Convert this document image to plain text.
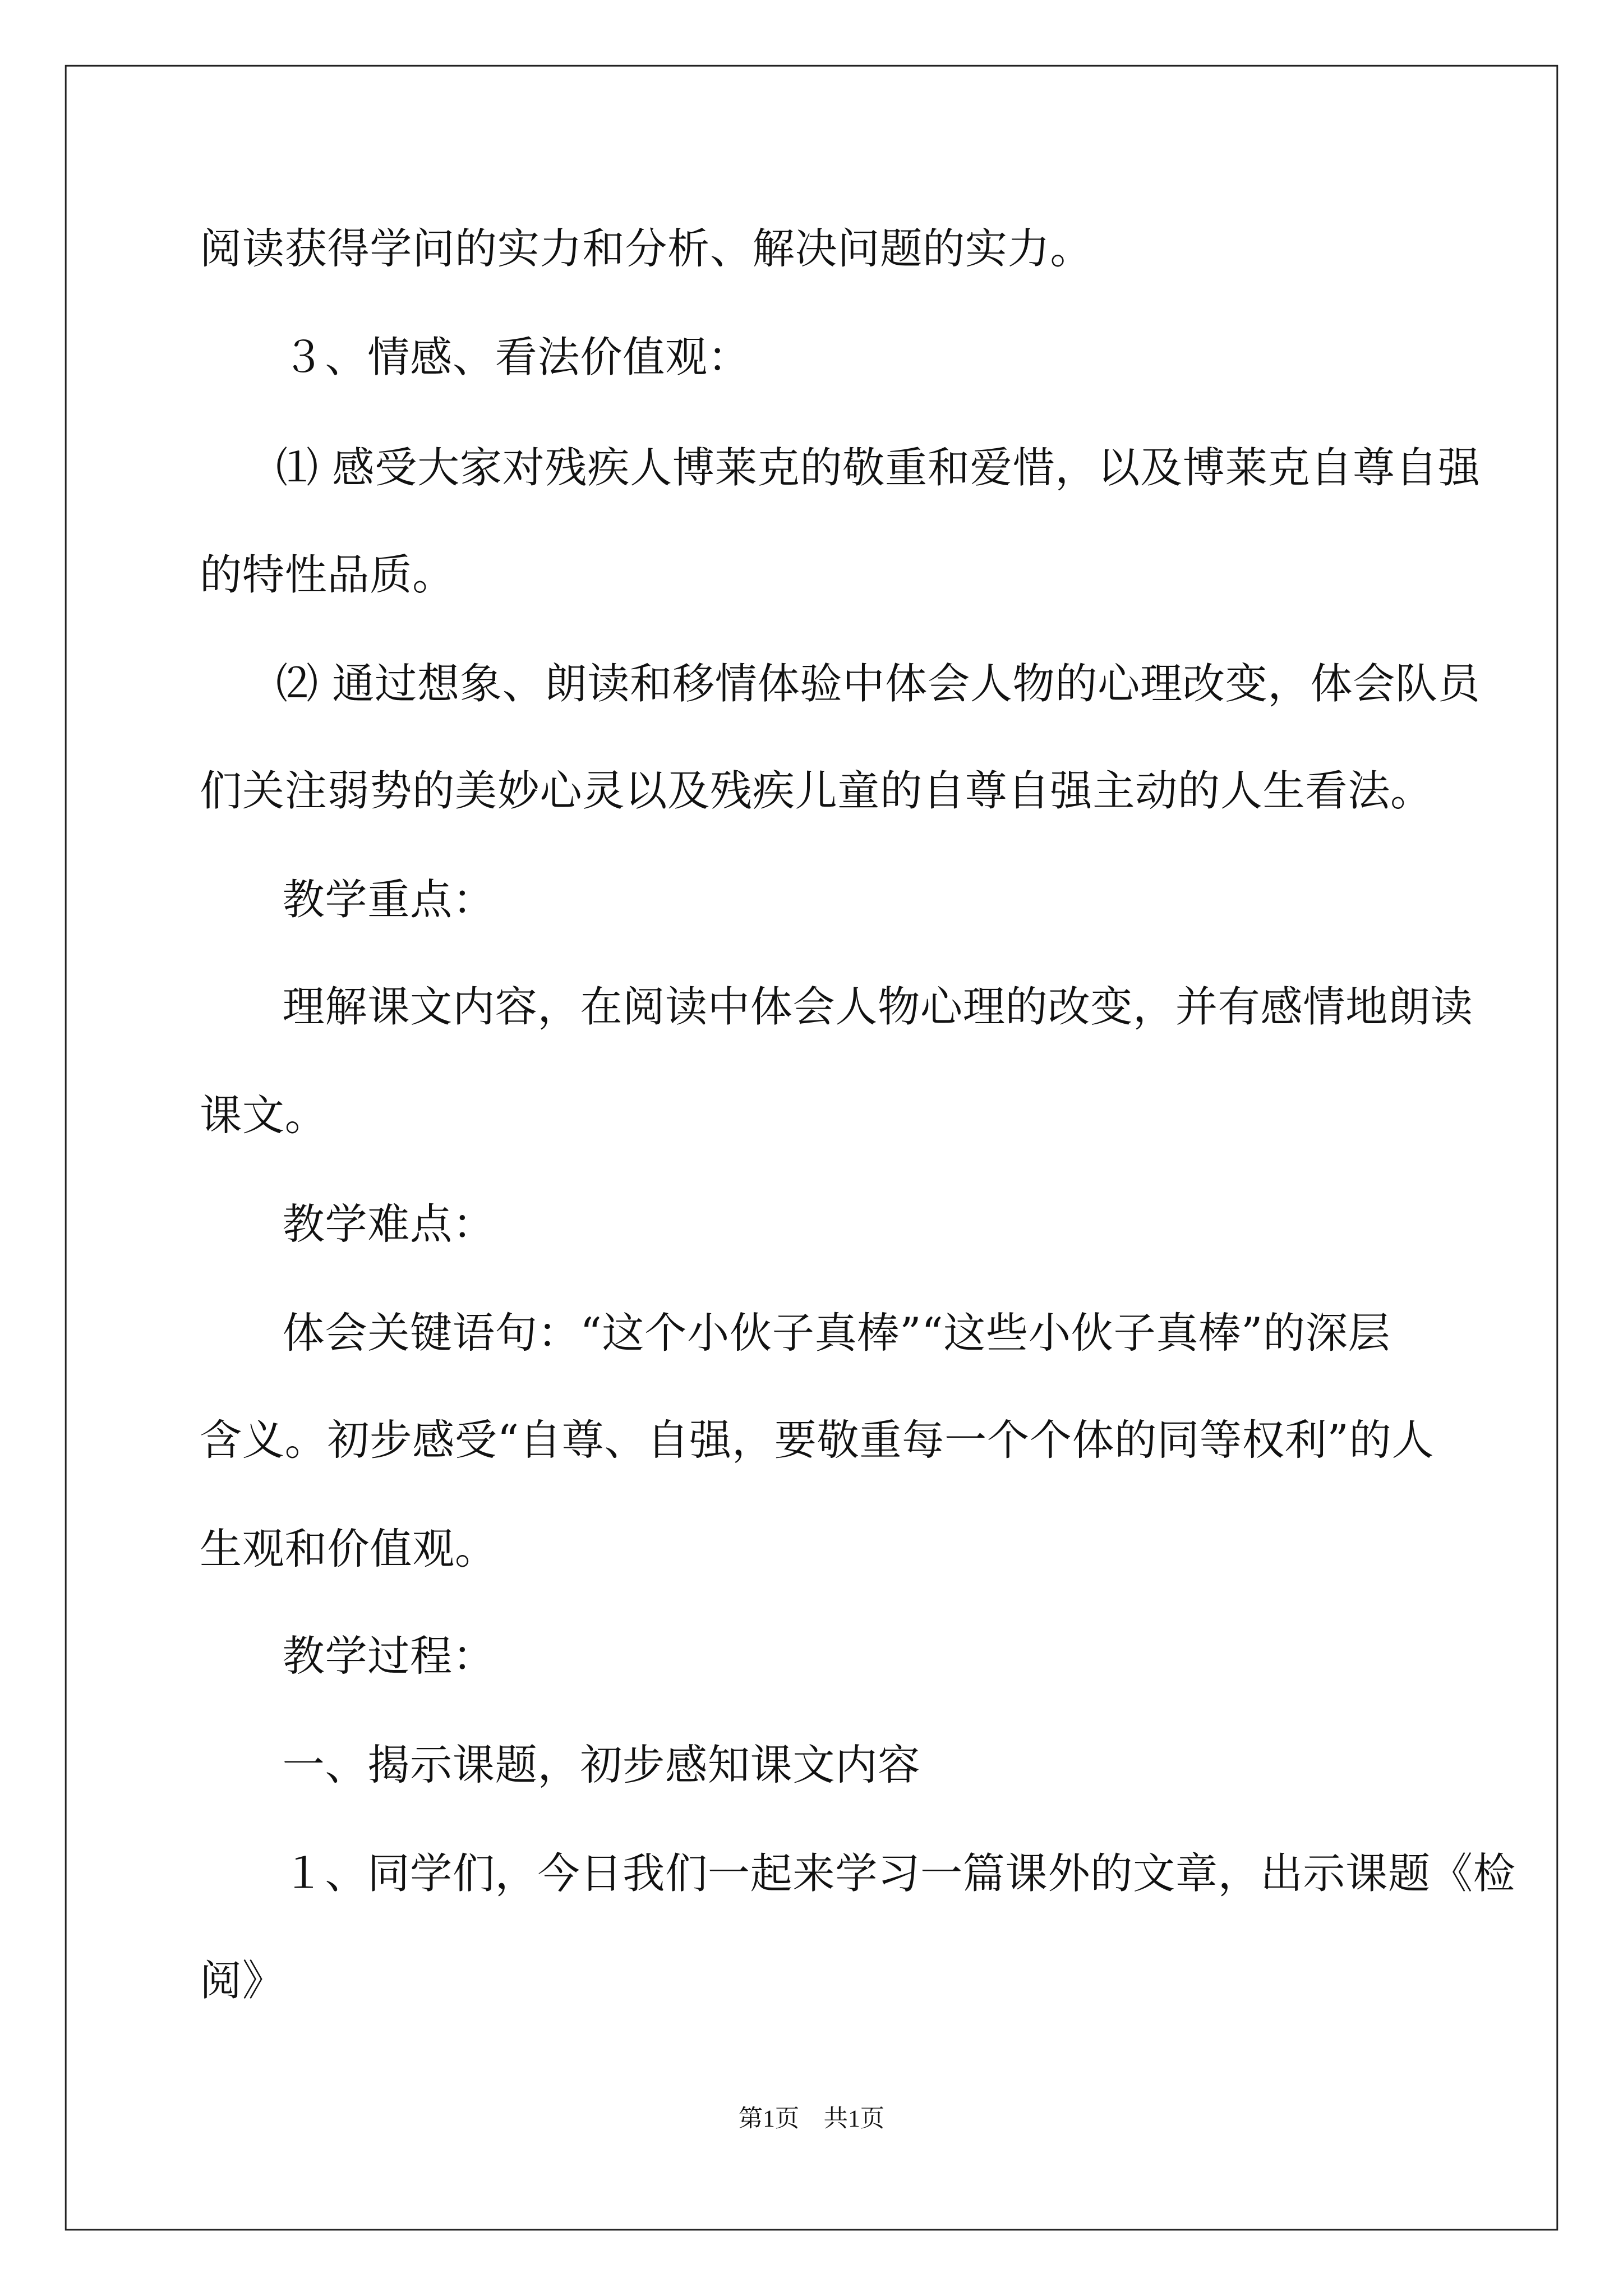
阅读获得学问的实力和分析、解决问题的实力。
３、情感、看法价值观：
⑴ 感受大家对残疾人博莱克的敬重和爱惜，以及博莱克自尊自强
的特性品质。
⑵ 通过想象、朗读和移情体验中体会人物的心理改变，体会队员
们关注弱势的美妙心灵以及残疾儿童的自尊自强主动的人生看法。
教学重点：
理解课文内容，在阅读中体会人物心理的改变，并有感情地朗读
课文。
教学难点：
体会关键语句：“这个小伙子真棒”“这些小伙子真棒”的深层
含义。初步感受“自尊、自强，要敬重每一个个体的同等权利”的人
生观和价值观。
教学过程：
一、揭示课题，初步感知课文内容
１、同学们，今日我们一起来学习一篇课外的文章，出示课题《检
阅》
第1页　共1页
